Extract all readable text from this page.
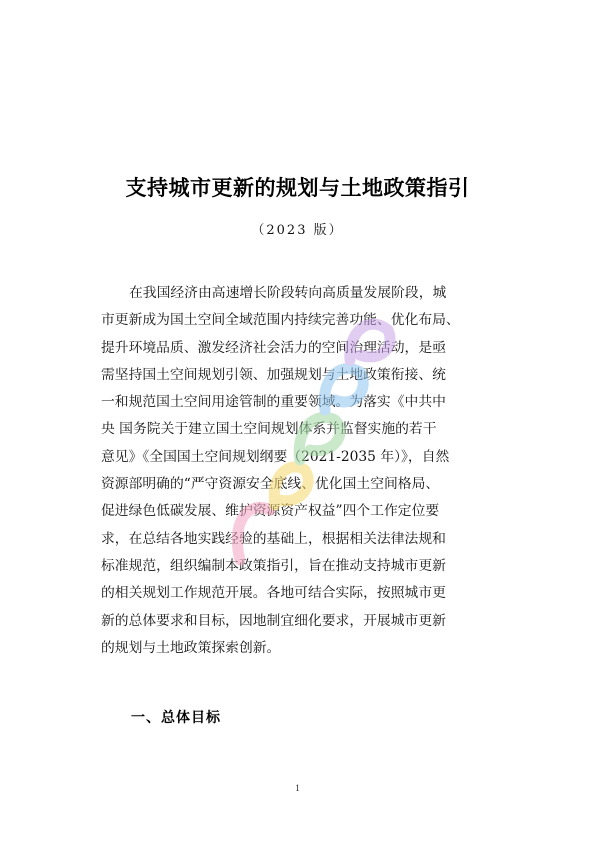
支持城市更新的规划与土地政策指引
（2023 版）
在我国经济由高速增长阶段转向高质量发展阶段，城
市更新成为国土空间全域范围内持续完善功能、优化布局、
提升环境品质、激发经济社会活力的空间治理活动，是亟
需坚持国土空间规划引领、加强规划与土地政策衔接、统
一和规范国土空间用途管制的重要领域。为落实《中共中
央 国务院关于建立国土空间规划体系并监督实施的若干
意见》《全国国土空间规划纲要（2021-2035 年）》，自然
资源部明确的“严守资源安全底线、优化国土空间格局、
促进绿色低碳发展、维护资源资产权益”四个工作定位要
求，在总结各地实践经验的基础上，根据相关法律法规和
标准规范，组织编制本政策指引，旨在推动支持城市更新
的相关规划工作规范开展。各地可结合实际，按照城市更
新的总体要求和目标，因地制宜细化要求，开展城市更新
的规划与土地政策探索创新。
一、总体目标
1
